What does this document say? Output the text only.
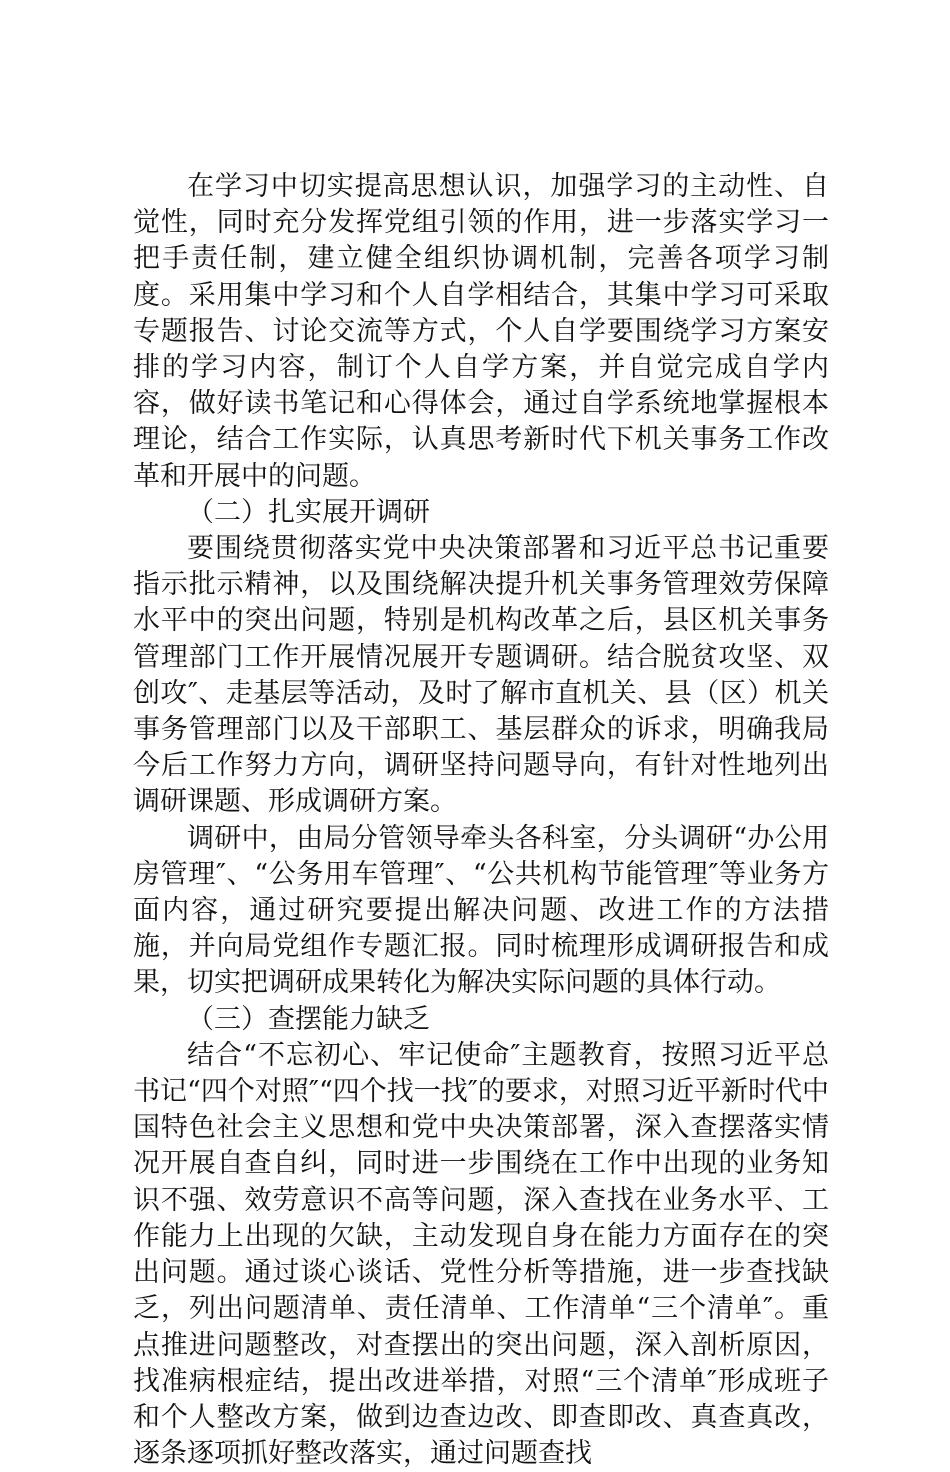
在学习中切实提高思想认识，加强学习的主动性、自觉性，同时充分发挥党组引领的作用，进一步落实学习一把手责任制，建立健全组织协调机制，完善各项学习制度。采用集中学习和个人自学相结合，其集中学习可采取专题报告、讨论交流等方式，个人自学要围绕学习方案安排的学习内容，制订个人自学方案，并自觉完成自学内容，做好读书笔记和心得体会，通过自学系统地掌握根本理论，结合工作实际，认真思考新时代下机关事务工作改革和开展中的问题。

（二）扎实展开调研

要围绕贯彻落实党中央决策部署和习近平总书记重要指示批示精神，以及围绕解决提升机关事务管理效劳保障水平中的突出问题，特别是机构改革之后，县区机关事务管理部门工作开展情况展开专题调研。结合脱贫攻坚、双创攻″、走基层等活动，及时了解市直机关、县（区）机关事务管理部门以及干部职工、基层群众的诉求，明确我局今后工作努力方向，调研坚持问题导向，有针对性地列出调研课题、形成调研方案。

调研中，由局分管领导牵头各科室，分头调研“办公用房管理″、“公务用车管理″、“公共机构节能管理″等业务方面内容，通过研究要提出解决问题、改进工作的方法措施，并向局党组作专题汇报。同时梳理形成调研报告和成果，切实把调研成果转化为解决实际问题的具体行动。

（三）查摆能力缺乏

结合“不忘初心、牢记使命″主题教育，按照习近平总书记“四个对照″“四个找一找″的要求，对照习近平新时代中国特色社会主义思想和党中央决策部署，深入查摆落实情况开展自查自纠，同时进一步围绕在工作中出现的业务知识不强、效劳意识不高等问题，深入查找在业务水平、工作能力上出现的欠缺，主动发现自身在能力方面存在的突出问题。通过谈心谈话、党性分析等措施，进一步查找缺乏，列出问题清单、责任清单、工作清单“三个清单″。重点推进问题整改，对查摆出的突出问题，深入剖析原因，找准病根症结，提出改进举措，对照“三个清单″形成班子和个人整改方案，做到边查边改、即查即改、真查真改，逐条逐项抓好整改落实，通过问题查找
